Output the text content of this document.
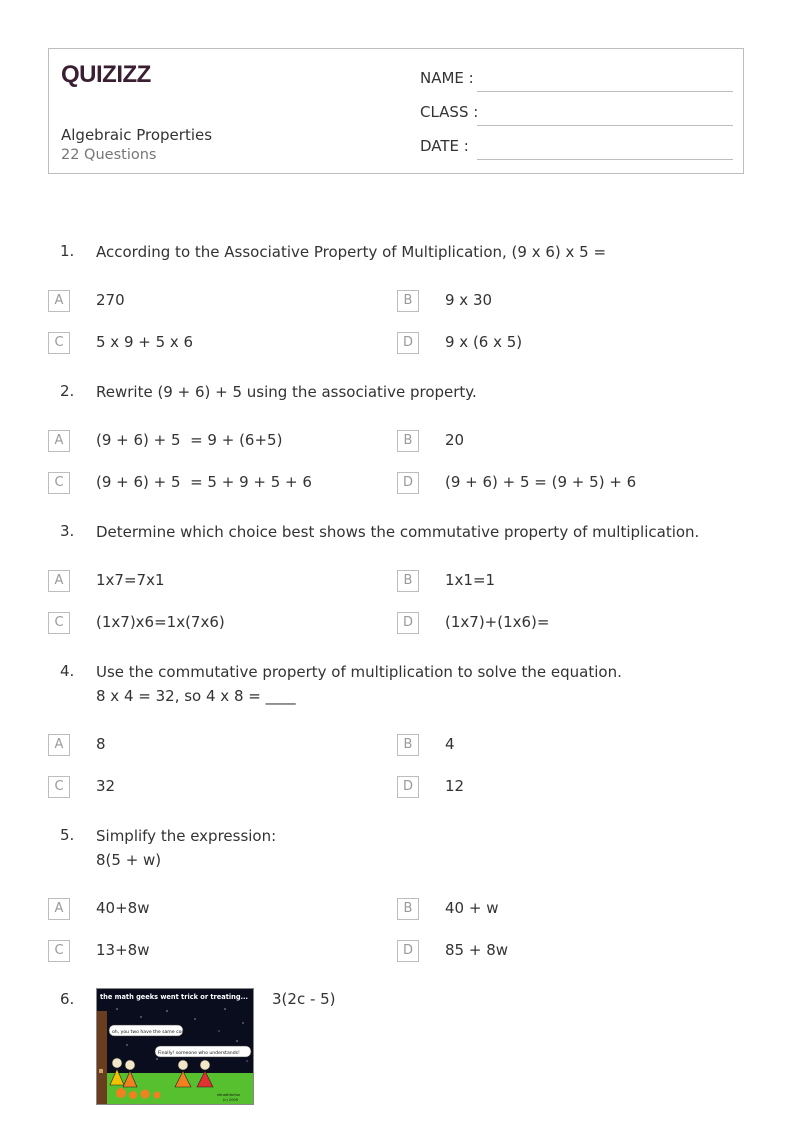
QUIZIZZ
Algebraic Properties
22 Questions
NAME :
CLASS :
DATE :
1. According to the Associative Property of Multiplication, (9 x 6) x 5 =
A	270	B	9 x 30
C	5 x 9 + 5 x 6	D	9 x (6 x 5)
2. Rewrite (9 + 6) + 5 using the associative property.
A	(9 + 6) + 5  = 9 + (6+5)	B	20
C	(9 + 6) + 5  = 5 + 9 + 5 + 6	D	(9 + 6) + 5 = (9 + 5) + 6
3. Determine which choice best shows the commutative property of multiplication.
A	1x7=7x1	B	1x1=1
C	(1x7)x6=1x(7x6)	D	(1x7)+(1x6)=
4. Use the commutative property of multiplication to solve the equation.
8 x 4 = 32, so 4 x 8 = ____
A	8	B	4
C	32	D	12
5. Simplify the expression:
8(5 + w)
A	40+8w	B	40 + w
C	13+8w	D	85 + 8w
6.	the math geeks went trick or treating...
oh, you two have the same costume
Finally! someone who understands!
sfmathforfun
(c) 2009
3(2c - 5)
